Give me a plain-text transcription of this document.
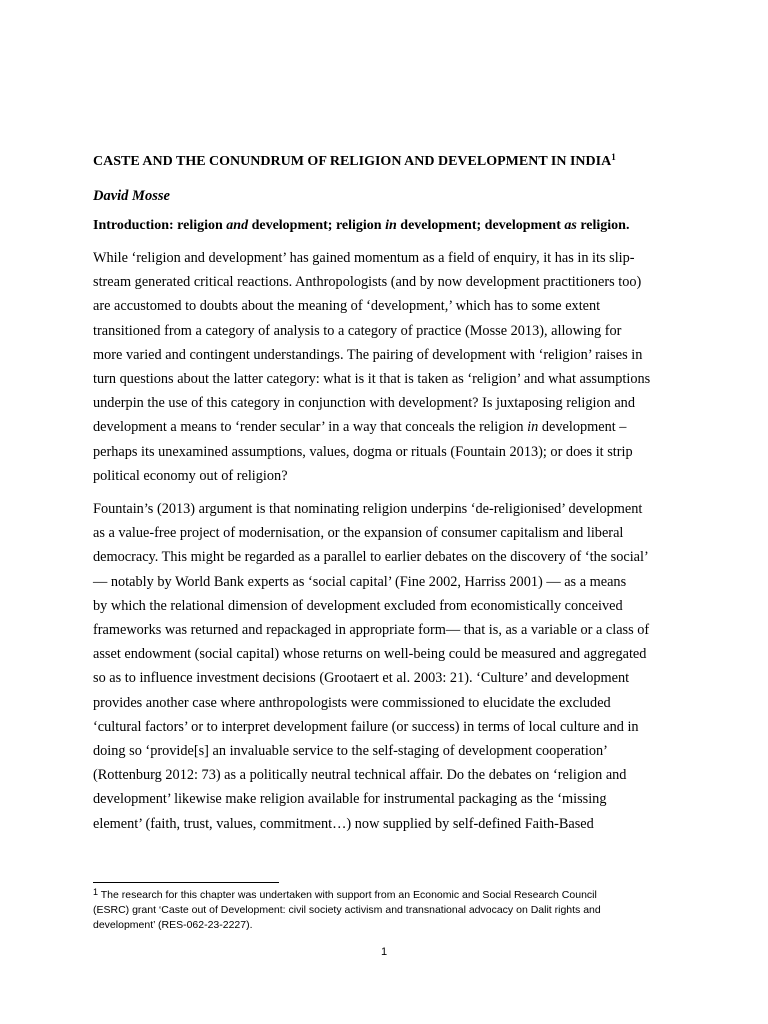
CASTE AND THE CONUNDRUM OF RELIGION AND DEVELOPMENT IN INDIA$^1$
David Mosse
Introduction: religion and development; religion in development; development as religion.
While ‘religion and development’ has gained momentum as a field of enquiry, it has in its slip-
stream generated critical reactions. Anthropologists (and by now development practitioners too)
are accustomed to doubts about the meaning of ‘development,’ which has to some extent
transitioned from a category of analysis to a category of practice (Mosse 2013), allowing for
more varied and contingent understandings. The pairing of development with ‘religion’ raises in
turn questions about the latter category: what is it that is taken as ‘religion’ and what assumptions
underpin the use of this category in conjunction with development? Is juxtaposing religion and
development a means to ‘render secular’ in a way that conceals the religion in development –
perhaps its unexamined assumptions, values, dogma or rituals (Fountain 2013); or does it strip
political economy out of religion?
Fountain’s (2013) argument is that nominating religion underpins ‘de-religionised’ development
as a value-free project of modernisation, or the expansion of consumer capitalism and liberal
democracy. This might be regarded as a parallel to earlier debates on the discovery of ‘the social’
— notably by World Bank experts as ‘social capital’ (Fine 2002, Harriss 2001) — as a means
by which the relational dimension of development excluded from economistically conceived
frameworks was returned and repackaged in appropriate form— that is, as a variable or a class of
asset endowment (social capital) whose returns on well-being could be measured and aggregated
so as to influence investment decisions (Grootaert et al. 2003: 21). ‘Culture’ and development
provides another case where anthropologists were commissioned to elucidate the excluded
‘cultural factors’ or to interpret development failure (or success) in terms of local culture and in
doing so ‘provide[s] an invaluable service to the self-staging of development cooperation’
(Rottenburg 2012: 73) as a politically neutral technical affair. Do the debates on ‘religion and
development’ likewise make religion available for instrumental packaging as the ‘missing
element’ (faith, trust, values, commitment…) now supplied by self-defined Faith-Based
$^1$ The research for this chapter was undertaken with support from an Economic and Social Research Council
(ESRC) grant ‘Caste out of Development: civil society activism and transnational advocacy on Dalit rights and
development’ (RES-062-23-2227).
1
